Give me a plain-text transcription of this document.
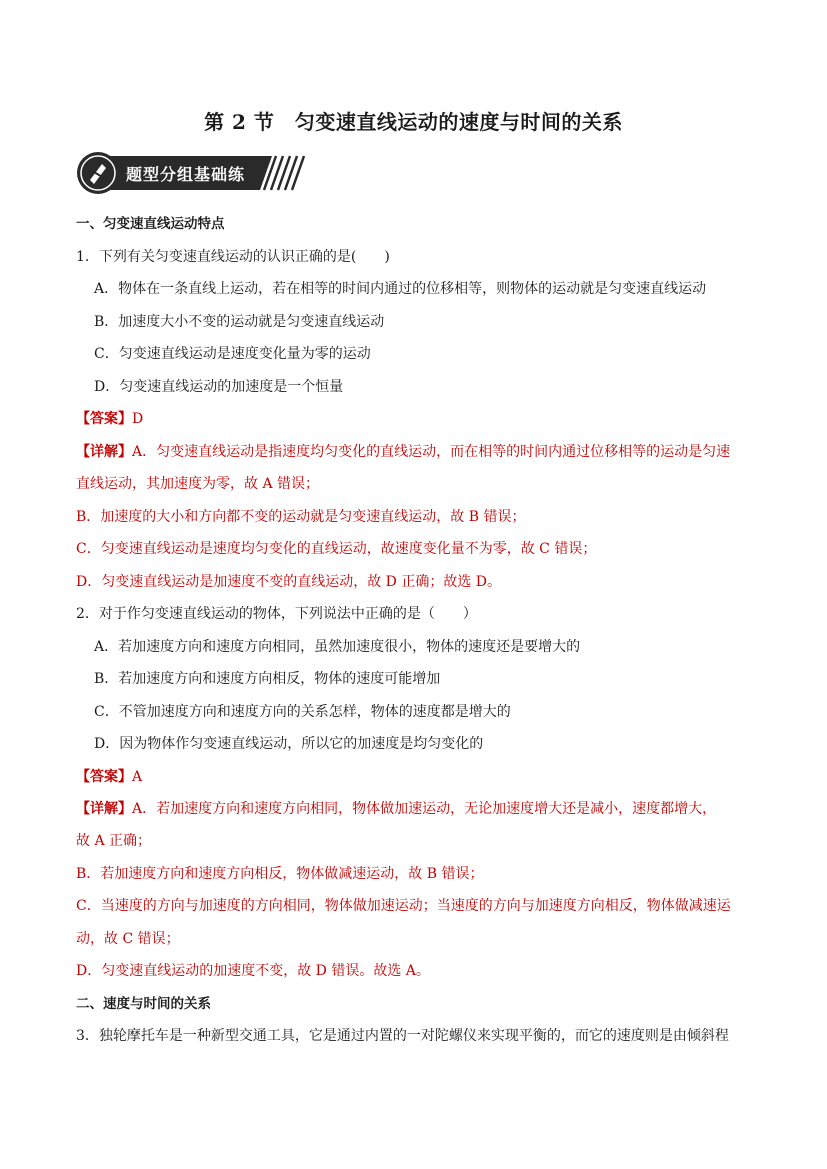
第 2 节　匀变速直线运动的速度与时间的关系
题型分组基础练
一、匀变速直线运动特点
1．下列有关匀变速直线运动的认识正确的是(　　)
A．物体在一条直线上运动，若在相等的时间内通过的位移相等，则物体的运动就是匀变速直线运动
B．加速度大小不变的运动就是匀变速直线运动
C．匀变速直线运动是速度变化量为零的运动
D．匀变速直线运动的加速度是一个恒量
【答案】D
【详解】A．匀变速直线运动是指速度均匀变化的直线运动，而在相等的时间内通过位移相等的运动是匀速
直线运动，其加速度为零，故 A 错误；
B．加速度的大小和方向都不变的运动就是匀变速直线运动，故 B 错误；
C．匀变速直线运动是速度均匀变化的直线运动，故速度变化量不为零，故 C 错误；
D．匀变速直线运动是加速度不变的直线运动，故 D 正确；故选 D。
2．对于作匀变速直线运动的物体，下列说法中正确的是（　　）
A．若加速度方向和速度方向相同，虽然加速度很小，物体的速度还是要增大的
B．若加速度方向和速度方向相反，物体的速度可能增加
C．不管加速度方向和速度方向的关系怎样，物体的速度都是增大的
D．因为物体作匀变速直线运动，所以它的加速度是均匀变化的
【答案】A
【详解】A．若加速度方向和速度方向相同，物体做加速运动，无论加速度增大还是减小，速度都增大，
故 A 正确；
B．若加速度方向和速度方向相反，物体做减速运动，故 B 错误；
C．当速度的方向与加速度的方向相同，物体做加速运动；当速度的方向与加速度方向相反，物体做减速运
动，故 C 错误；
D．匀变速直线运动的加速度不变，故 D 错误。故选 A。
二、速度与时间的关系
3．独轮摩托车是一种新型交通工具，它是通过内置的一对陀螺仪来实现平衡的，而它的速度则是由倾斜程
